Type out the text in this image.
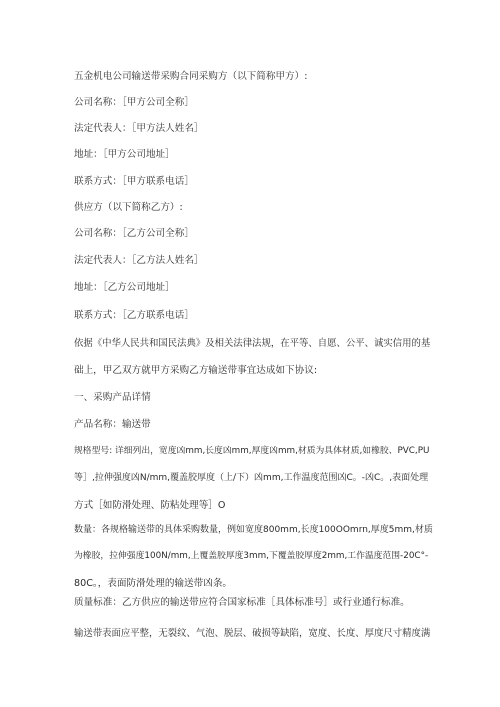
五金机电公司输送带采购合同采购方（以下简称甲方）:
公司名称：［甲方公司全称］
法定代表人：［甲方法人姓名］
地址：［甲方公司地址］
联系方式：［甲方联系电话］
供应方（以下简称乙方）:
公司名称：［乙方公司全称］
法定代表人：［乙方法人姓名］
地址：［乙方公司地址］
联系方式：［乙方联系电话］
依据《中华人民共和国民法典》及相关法律法规，在平等、自愿、公平、诚实信用的基
础上，甲乙双方就甲方采购乙方输送带事宜达成如下协议:
一、采购产品详情
产品名称：输送带
规格型号: 详细列出，宽度凶mm,长度凶mm,厚度凶mm,材质为具体材质,如橡胶、PVC,PU
等］,拉伸强度凶N/mm,覆盖胶厚度（上/下）凶mm,工作温度范围凶C。-凶C。,表面处理
方式［如防滑处理、防粘处理等］O
数量：各规格输送带的具体采购数量，例如宽度800mm,长度100OOmrn,厚度5mm,材质
为橡胶，拉伸强度100N/mm,上覆盖胶厚度3mm,下覆盖胶厚度2mm,工作温度范围-20C°-
80C。，表面防滑处理的输送带凶条。
质量标准：乙方供应的输送带应符合国家标准［具体标准号］或行业通行标准。
输送带表面应平整，无裂纹、气泡、脱层、破损等缺陷，宽度、长度、厚度尺寸精度满
